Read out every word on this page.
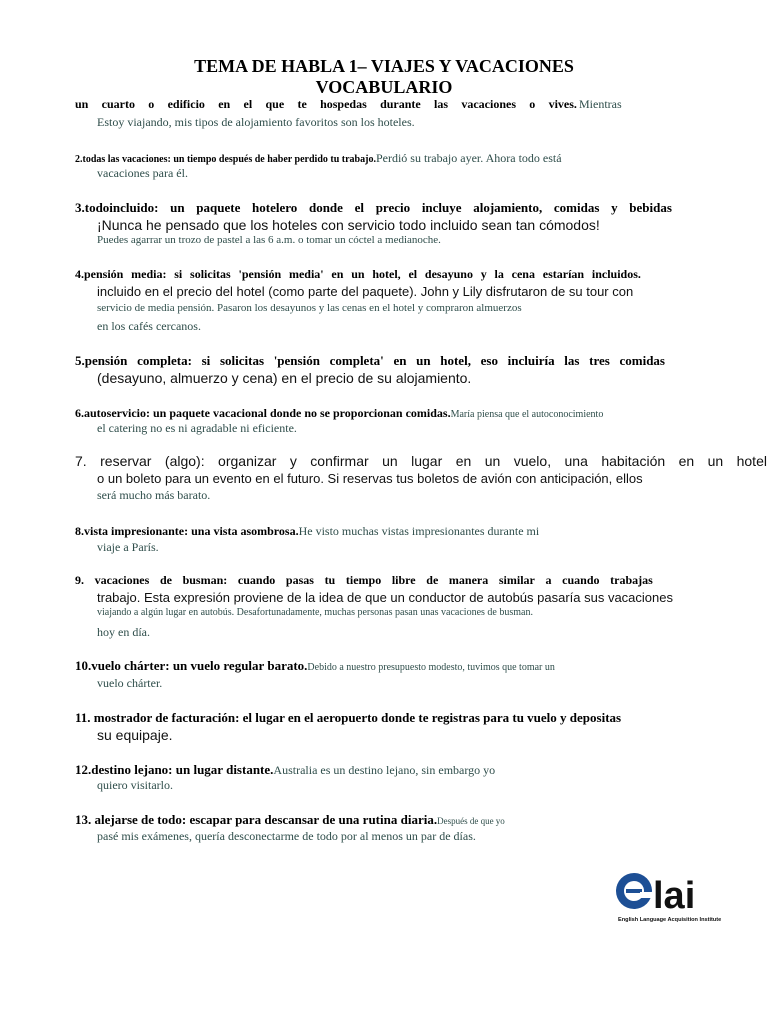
TEMA DE HABLA 1– VIAJES Y VACACIONES
VOCABULARIO
un cuarto o edificio en el que te hospedas durante las vacaciones o vives. Mientras
Estoy viajando, mis tipos de alojamiento favoritos son los hoteles.
2.todas las vacaciones: un tiempo después de haber perdido tu trabajo.Perdió su trabajo ayer. Ahora todo está
vacaciones para él.
3.todoincluido: un paquete hotelero donde el precio incluye alojamiento, comidas y bebidas
¡Nunca he pensado que los hoteles con servicio todo incluido sean tan cómodos!
Puedes agarrar un trozo de pastel a las 6 a.m. o tomar un cóctel a medianoche.
4.pensión media: si solicitas 'pensión media' en un hotel, el desayuno y la cena estarían incluidos.
incluido en el precio del hotel (como parte del paquete). John y Lily disfrutaron de su tour con
servicio de media pensión. Pasaron los desayunos y las cenas en el hotel y compraron almuerzos
en los cafés cercanos.
5.pensión completa: si solicitas 'pensión completa' en un hotel, eso incluiría las tres comidas
(desayuno, almuerzo y cena) en el precio de su alojamiento.
6.autoservicio: un paquete vacacional donde no se proporcionan comidas.María piensa que el autoconocimiento
el catering no es ni agradable ni eficiente.
7. reservar (algo): organizar y confirmar un lugar en un vuelo, una habitación en un hotel
o un boleto para un evento en el futuro. Si reservas tus boletos de avión con anticipación, ellos
será mucho más barato.
8.vista impresionante: una vista asombrosa.He visto muchas vistas impresionantes durante mi
viaje a París.
9. vacaciones de busman: cuando pasas tu tiempo libre de manera similar a cuando trabajas
trabajo. Esta expresión proviene de la idea de que un conductor de autobús pasaría sus vacaciones
viajando a algún lugar en autobús. Desafortunadamente, muchas personas pasan unas vacaciones de busman.
hoy en día.
10.vuelo chárter: un vuelo regular barato.Debido a nuestro presupuesto modesto, tuvimos que tomar un
vuelo chárter.
11. mostrador de facturación: el lugar en el aeropuerto donde te registras para tu vuelo y depositas
su equipaje.
12.destino lejano: un lugar distante.Australia es un destino lejano, sin embargo yo
quiero visitarlo.
13. alejarse de todo: escapar para descansar de una rutina diaria.Después de que yo
pasé mis exámenes, quería desconectarme de todo por al menos un par de días.
lai
English Language Acquisition Institute
